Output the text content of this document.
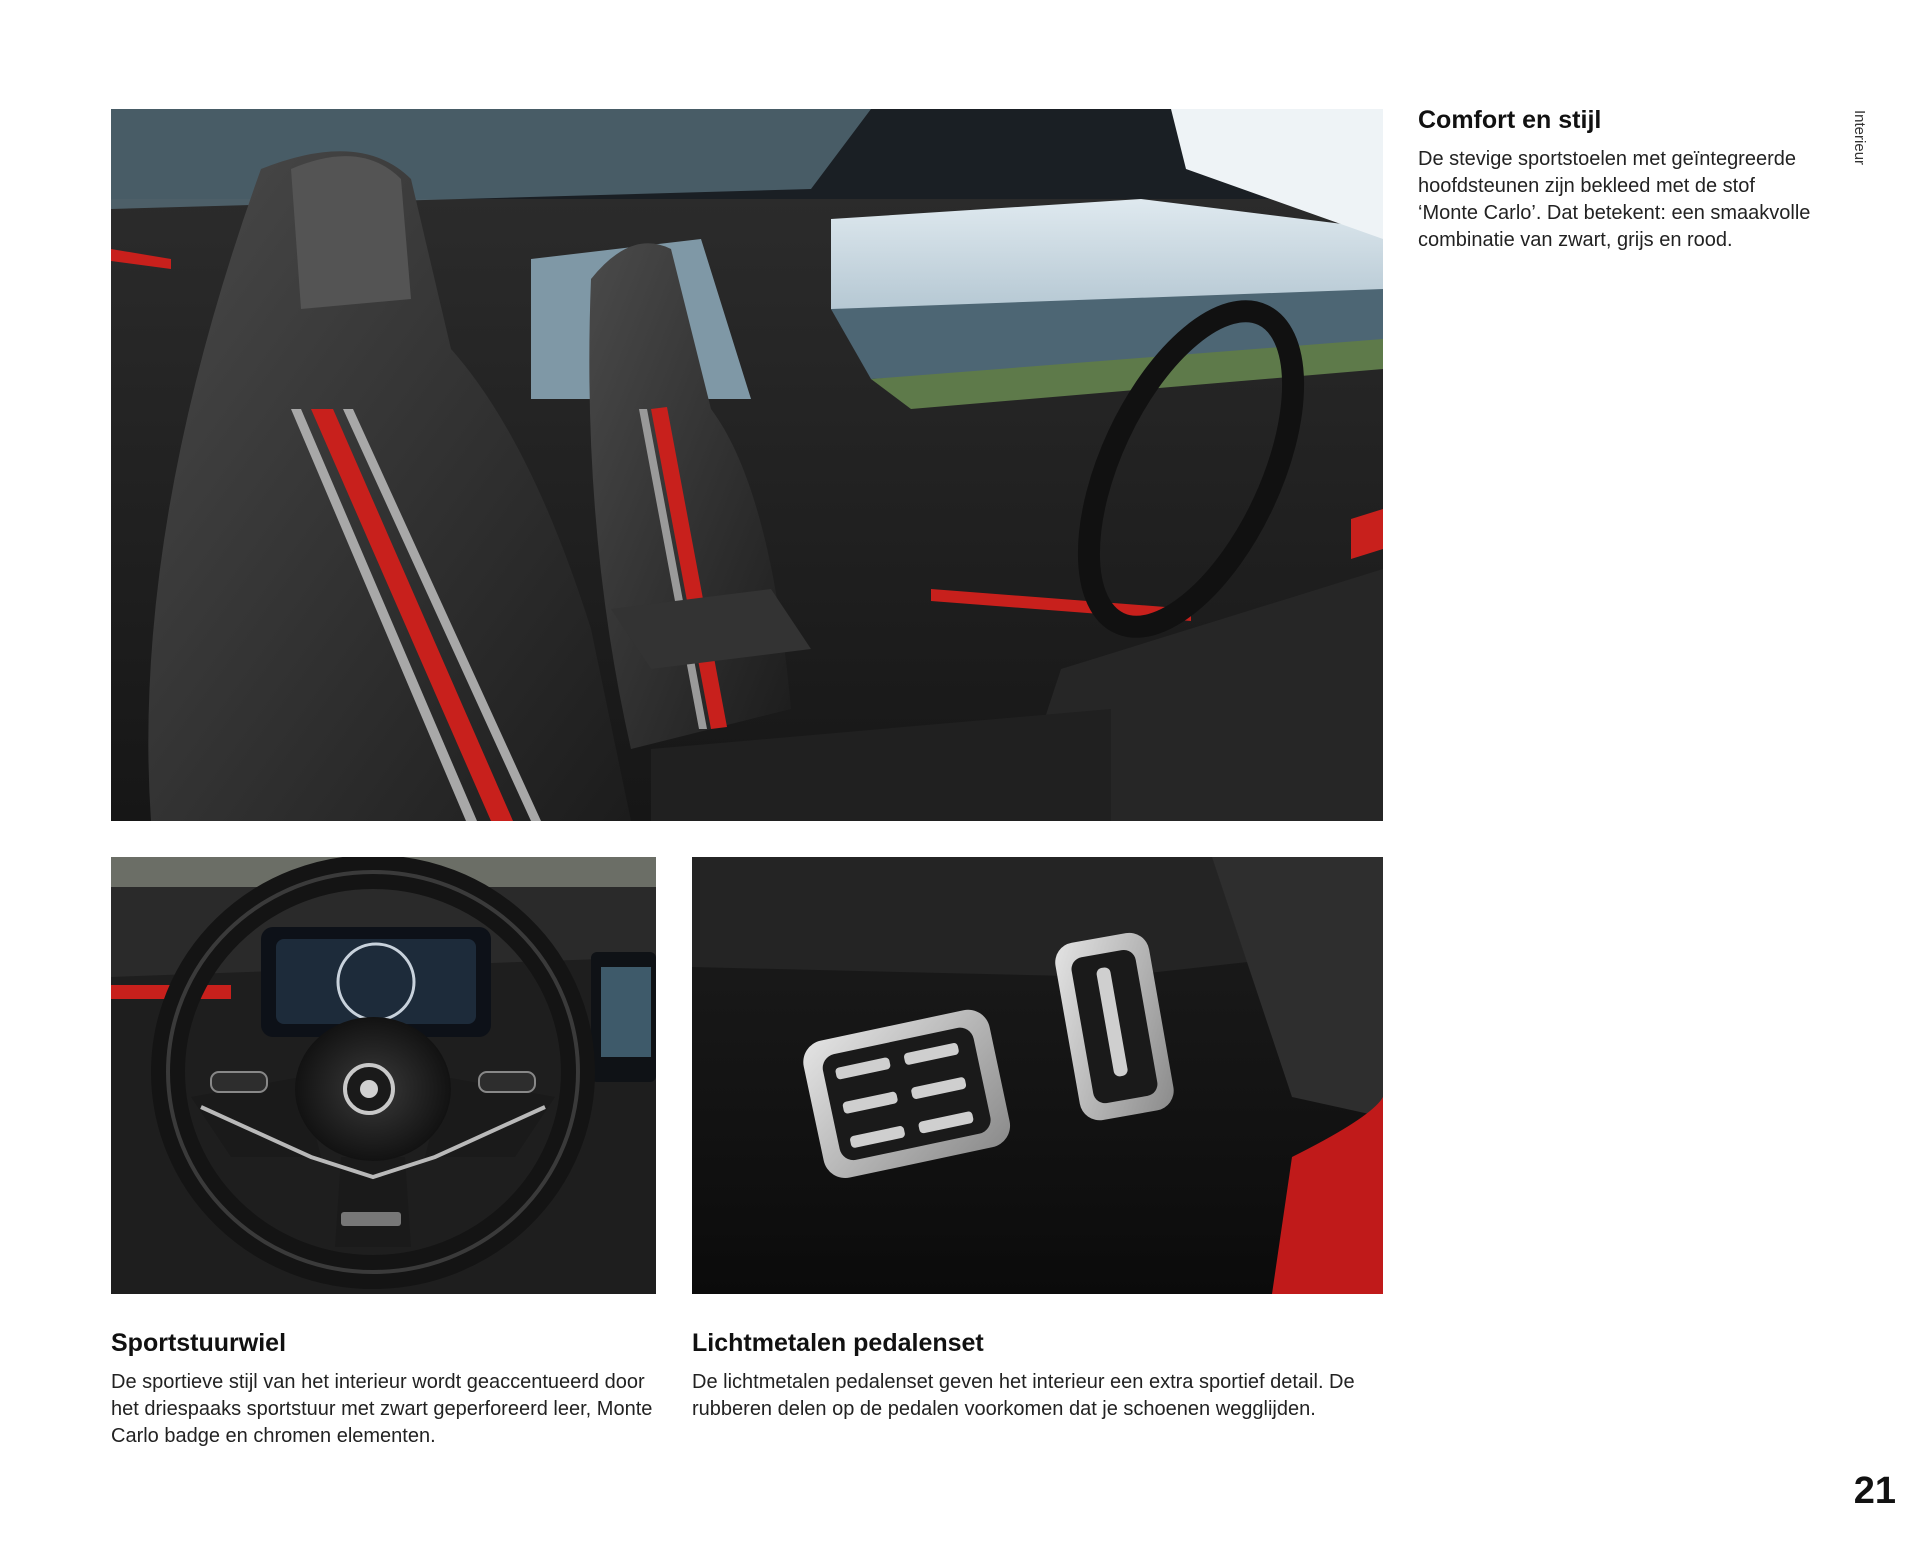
Comfort en stijl

De stevige sportstoelen met geïntegreerde hoofdsteunen zijn bekleed met de stof ‘Monte Carlo’. Dat betekent: een smaakvolle combinatie van zwart, grijs en rood.

Sportstuurwiel

De sportieve stijl van het interieur wordt geaccentueerd door het driespaaks sportstuur met zwart geperforeerd leer, Monte Carlo badge en chromen elementen.

Lichtmetalen pedalenset

De lichtmetalen pedalenset geven het interieur een extra sportief detail. De rubberen delen op de pedalen voorkomen dat je schoenen wegglijden.

Interieur
21
